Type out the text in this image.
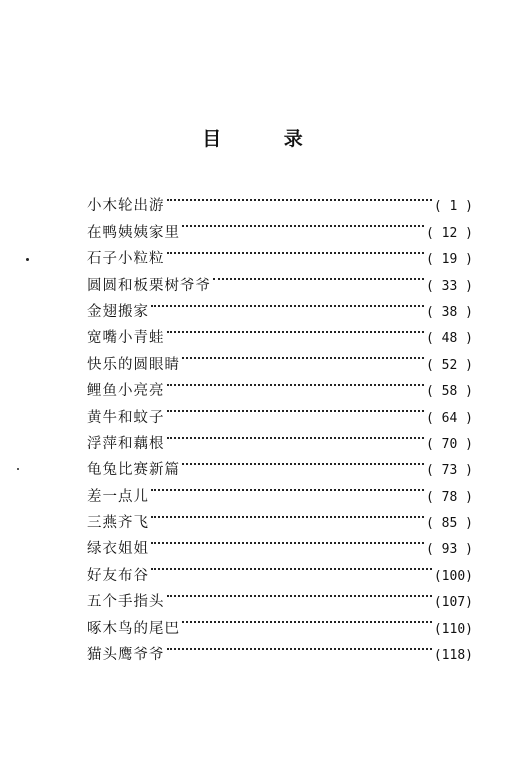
目 录
小木轮出游	( 1 )
在鸭姨姨家里	( 12 )
石子小粒粒	( 19 )
圆圆和板栗树爷爷	( 33 )
金翅搬家	( 38 )
宽嘴小青蛙	( 48 )
快乐的圆眼睛	( 52 )
鲤鱼小亮亮	( 58 )
黄牛和蚊子	( 64 )
浮萍和藕根	( 70 )
龟兔比赛新篇	( 73 )
差一点儿	( 78 )
三燕齐飞	( 85 )
绿衣姐姐	( 93 )
好友布谷	(100)
五个手指头	(107)
啄木鸟的尾巴	(110)
猫头鹰爷爷	(118)
